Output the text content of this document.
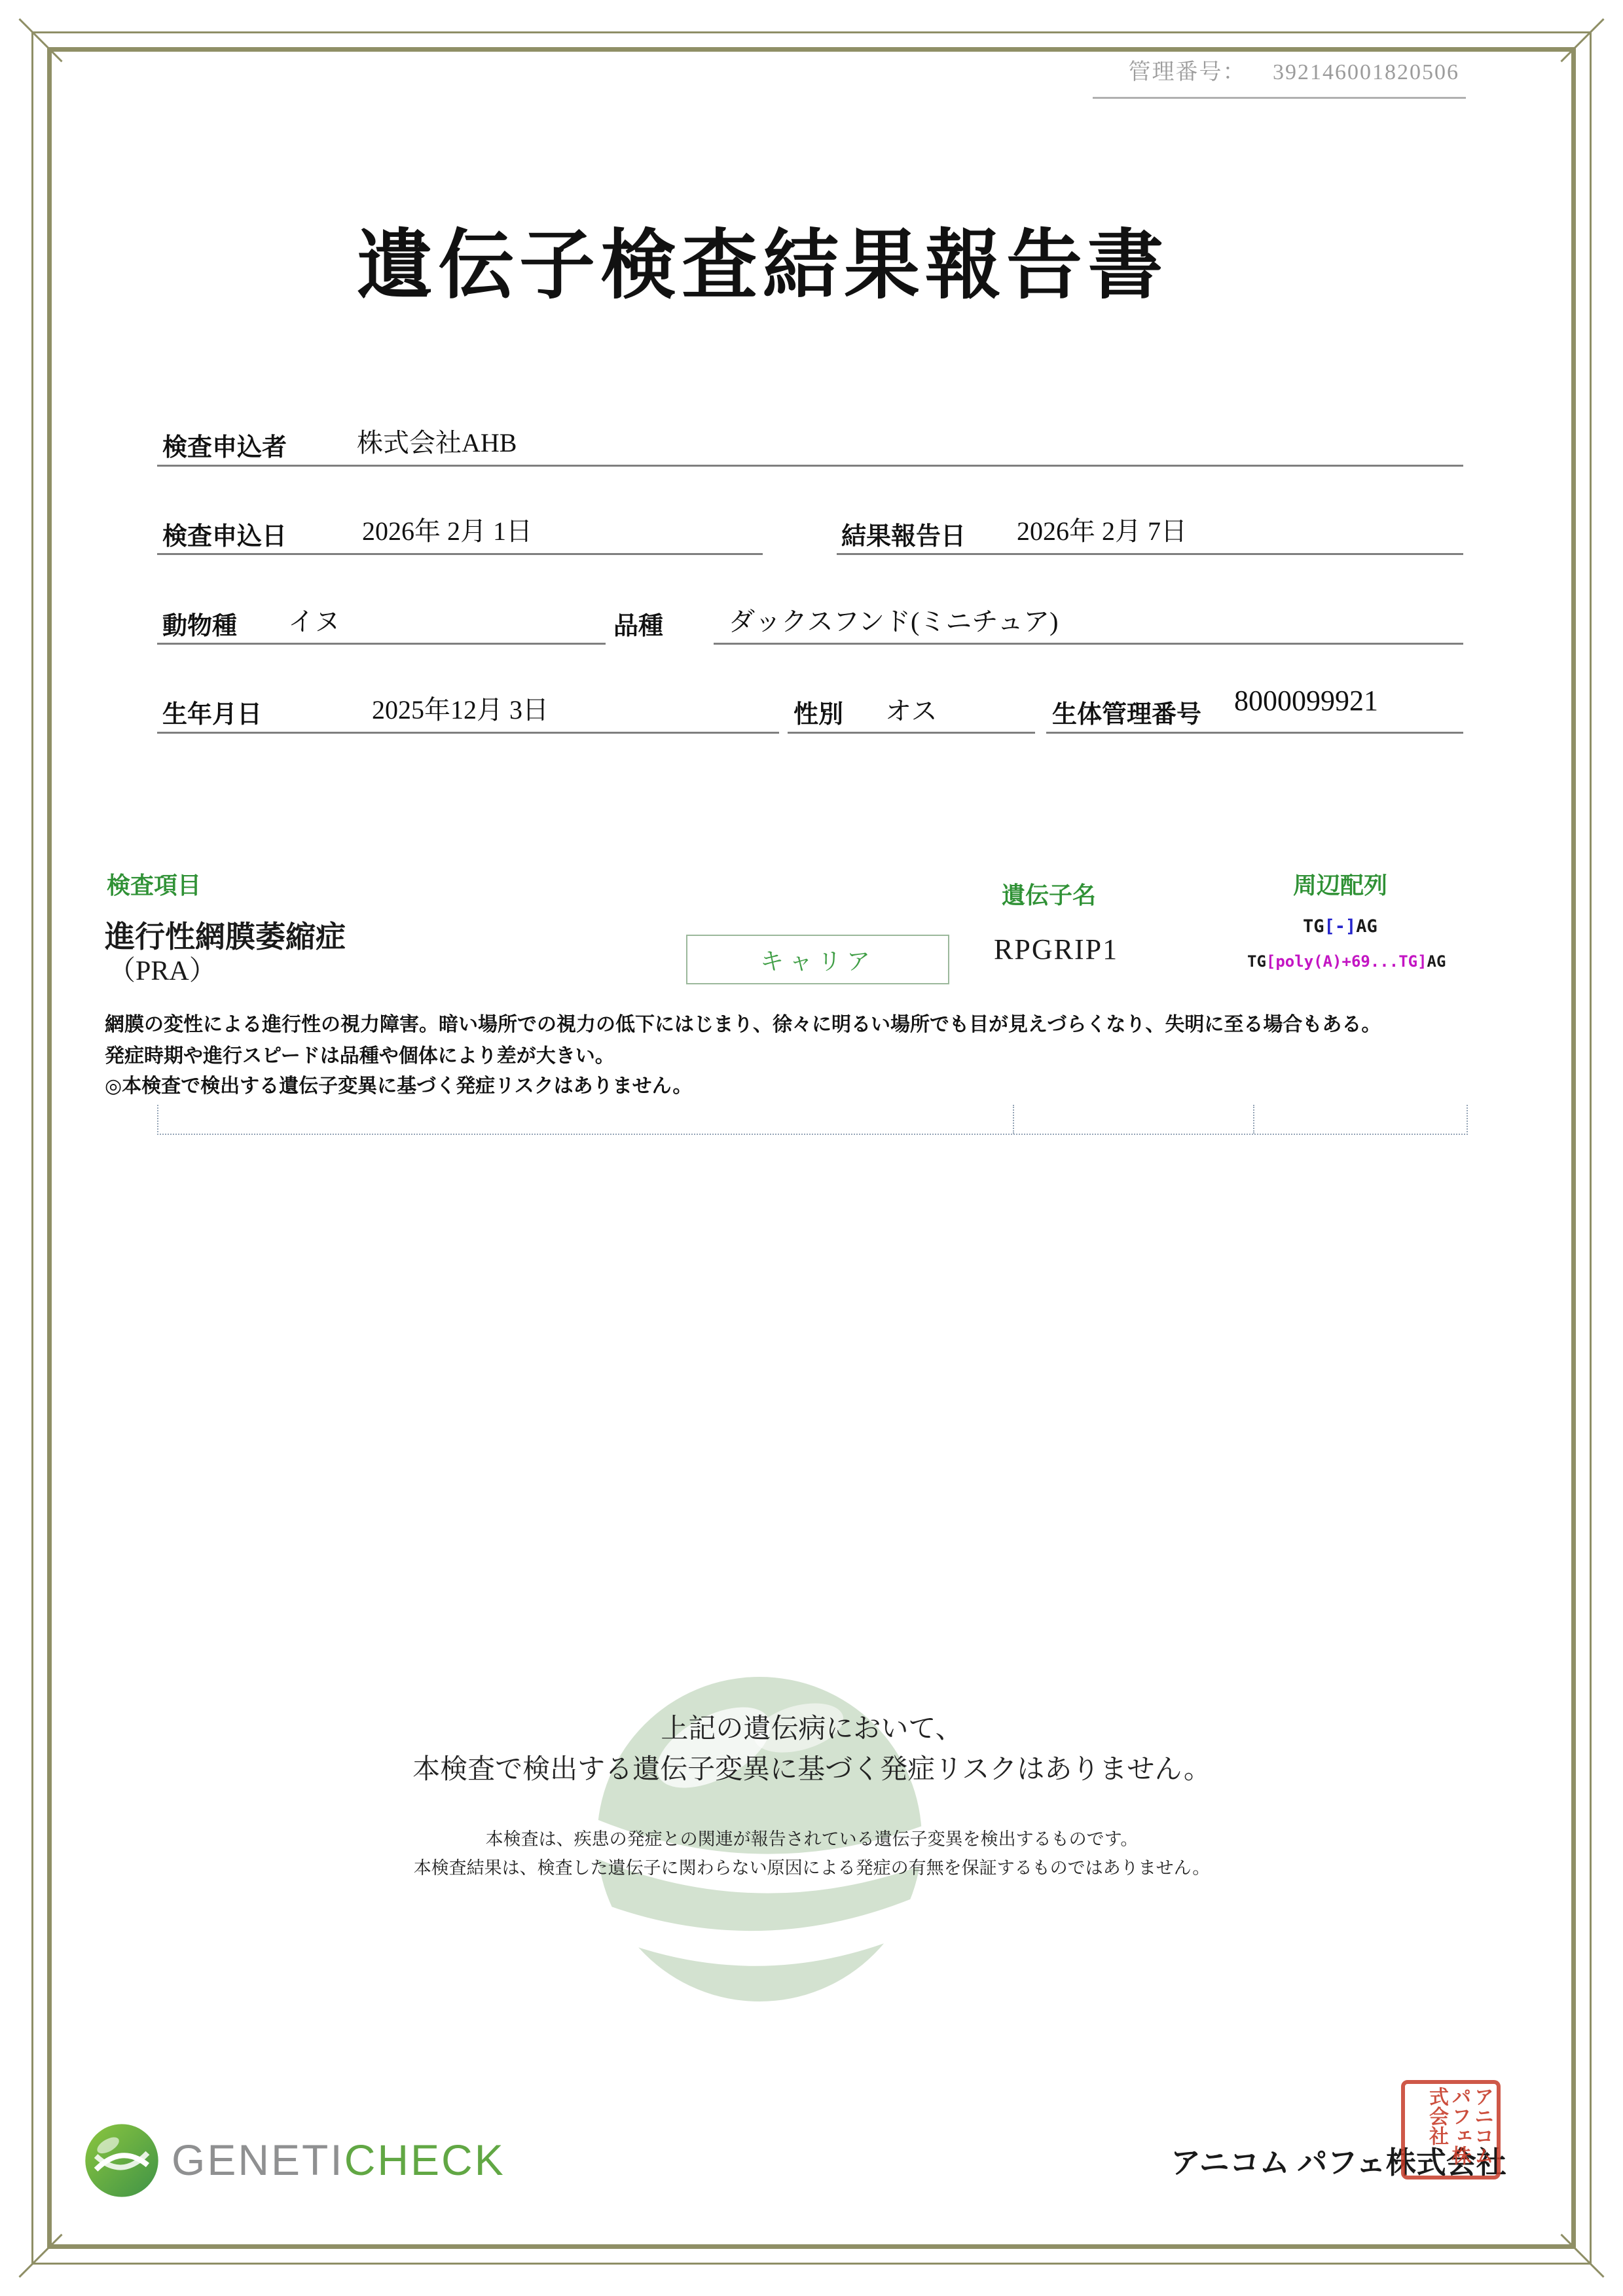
管理番号： 392146001820506
遺伝子検査結果報告書
検査申込者	株式会社AHB
検査申込日	2026年 2月 1日	結果報告日 2026年 2月 7日
動物種 イヌ	品種 ダックスフンド(ミニチュア)
生年月日	2025年12月 3日	性別 オス	生体管理番号 8000099921
検査項目	遺伝子名	周辺配列
進行性網膜萎縮症
（PRA）	キャリア	RPGRIP1
TG[-]AG
TG[poly(A)+69...TG]AG
網膜の変性による進行性の視力障害。暗い場所での視力の低下にはじまり、徐々に明るい場所でも目が見えづらくなり、失明に至る場合もある。
発症時期や進行スピードは品種や個体により差が大きい。
◎本検査で検出する遺伝子変異に基づく発症リスクはありません。
上記の遺伝病において、
本検査で検出する遺伝子変異に基づく発症リスクはありません。
本検査は、疾患の発症との関連が報告されている遺伝子変異を検出するものです。
本検査結果は、検査した遺伝子に関わらない原因による発症の有無を保証するものではありません。
GENETICHECK	アニコム パフェ株式会社
アニコムパフェ株式会社
